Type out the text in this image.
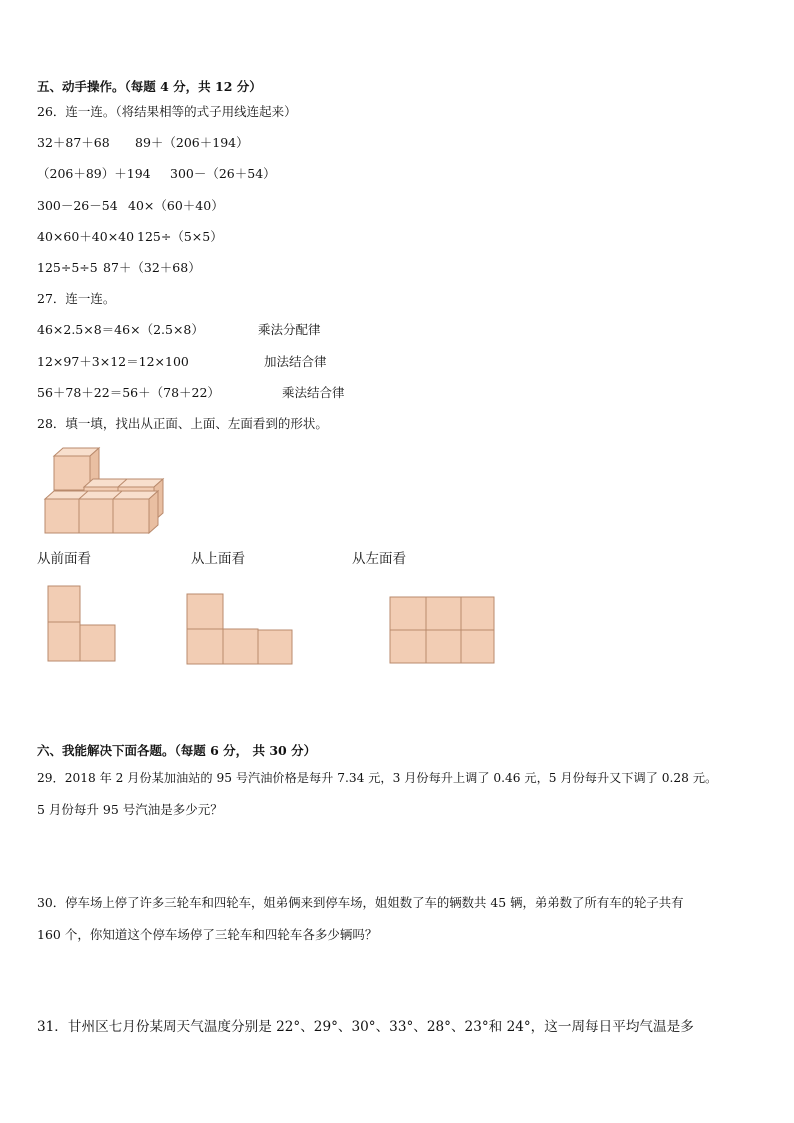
五、动手操作。（每题 4 分，共 12 分）
26．连一连。（将结果相等的式子用线连起来）
32＋87＋68 89＋（206＋194）
（206＋89）＋194 300－（26＋54）
300－26－54 40×（60＋40）
40×60＋40×40 125÷（5×5）
125÷5÷5 87＋（32＋68）
27．连一连。
46×2.5×8＝46×（2.5×8）	乘法分配律
12×97＋3×12＝12×100	加法结合律
56＋78＋22＝56＋（78＋22）	乘法结合律
28．填一填，找出从正面、上面、左面看到的形状。
从前面看	从上面看	从左面看
六、我能解决下面各题。（每题 6 分， 共 30 分）
29．2018 年 2 月份某加油站的 95 号汽油价格是每升 7.34 元，3 月份每升上调了 0.46 元，5 月份每升又下调了 0.28 元。
5 月份每升 95 号汽油是多少元？
30．停车场上停了许多三轮车和四轮车，姐弟俩来到停车场，姐姐数了车的辆数共 45 辆，弟弟数了所有车的轮子共有
160 个，你知道这个停车场停了三轮车和四轮车各多少辆吗？
31．甘州区七月份某周天气温度分别是 22°、29°、30°、33°、28°、23°和 24°，这一周每日平均气温是多
